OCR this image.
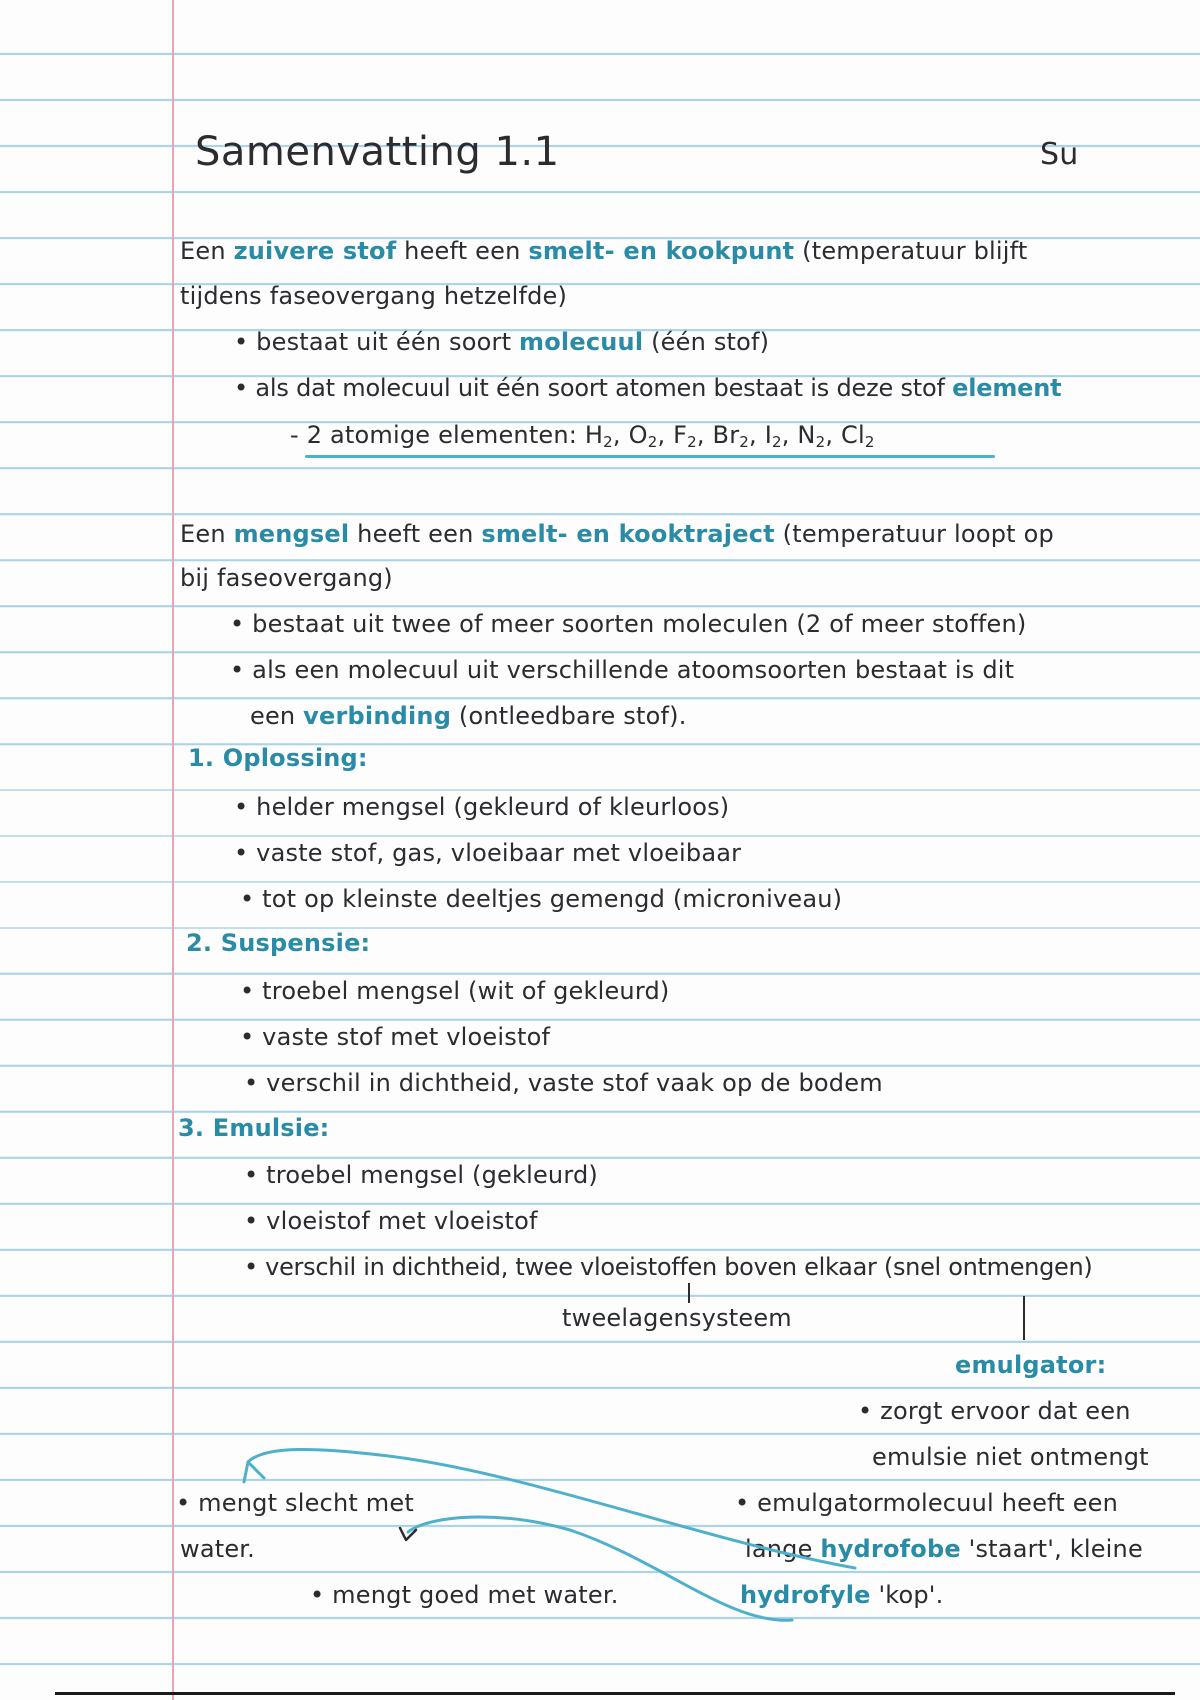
Samenvatting 1.1	Su
Een zuivere stof heeft een smelt- en kookpunt (temperatuur blijft
tijdens faseovergang hetzelfde)
• bestaat uit één soort molecuul (één stof)
• als dat molecuul uit één soort atomen bestaat is deze stof element
- 2 atomige elementen: $H_2$, $O_2$, $F_2$, $Br_2$, $I_2$, $N_2$, $Cl_2$
Een mengsel heeft een smelt- en kooktraject (temperatuur loopt op
bij faseovergang)
• bestaat uit twee of meer soorten moleculen (2 of meer stoffen)
• als een molecuul uit verschillende atoomsoorten bestaat is dit
een verbinding (ontleedbare stof).
1. Oplossing:
• helder mengsel (gekleurd of kleurloos)
• vaste stof, gas, vloeibaar met vloeibaar
• tot op kleinste deeltjes gemengd (microniveau)
2. Suspensie:
• troebel mengsel (wit of gekleurd)
• vaste stof met vloeistof
• verschil in dichtheid, vaste stof vaak op de bodem
3. Emulsie:
• troebel mengsel (gekleurd)
• vloeistof met vloeistof
• verschil in dichtheid, twee vloeistoffen boven elkaar (snel ontmengen)
tweelagensysteem
emulgator:
• zorgt ervoor dat een
emulsie niet ontmengt
• emulgatormolecuul heeft een
lange hydrofobe 'staart', kleine
hydrofyle 'kop'.
• mengt slecht met
water.
• mengt goed met water.
